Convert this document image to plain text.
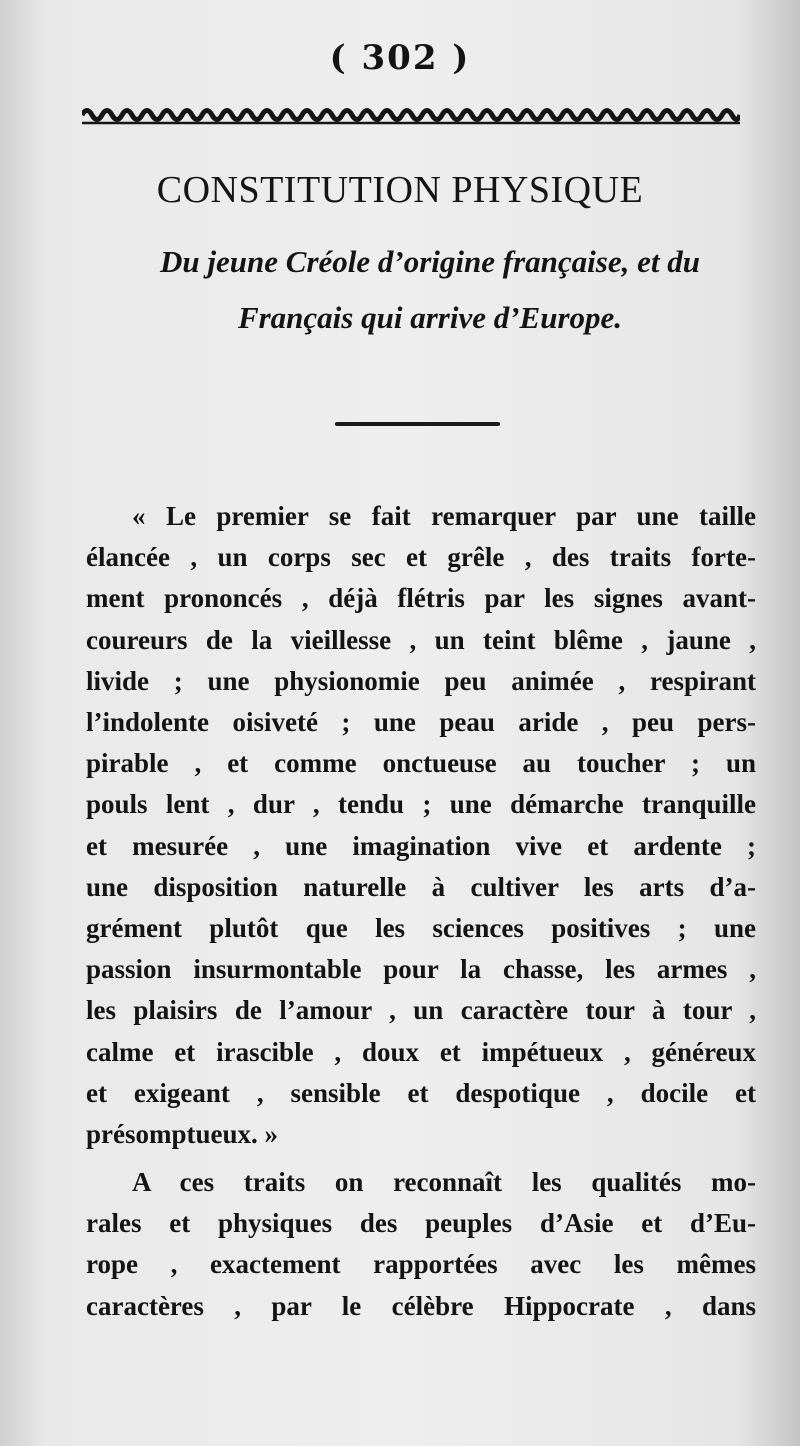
( 302 )
CONSTITUTION PHYSIQUE
Du jeune Créole d’origine française, et du
Français qui arrive d’Europe.
« Le premier se fait remarquer par une taille
élancée , un corps sec et grêle , des traits forte-
ment prononcés , déjà flétris par les signes avant-
coureurs de la vieillesse , un teint blême , jaune ,
livide ; une physionomie peu animée , respirant
l’indolente oisiveté ; une peau aride , peu pers-
pirable , et comme onctueuse au toucher ; un
pouls lent , dur , tendu ; une démarche tranquille
et mesurée , une imagination vive et ardente ;
une disposition naturelle à cultiver les arts d’a-
grément plutôt que les sciences positives ; une
passion insurmontable pour la chasse, les armes ,
les plaisirs de l’amour , un caractère tour à tour ,
calme et irascible , doux et impétueux , généreux
et exigeant , sensible et despotique , docile et
présomptueux. »
A ces traits on reconnaît les qualités mo-
rales et physiques des peuples d’Asie et d’Eu-
rope , exactement rapportées avec les mêmes
caractères , par le célèbre Hippocrate , dans
